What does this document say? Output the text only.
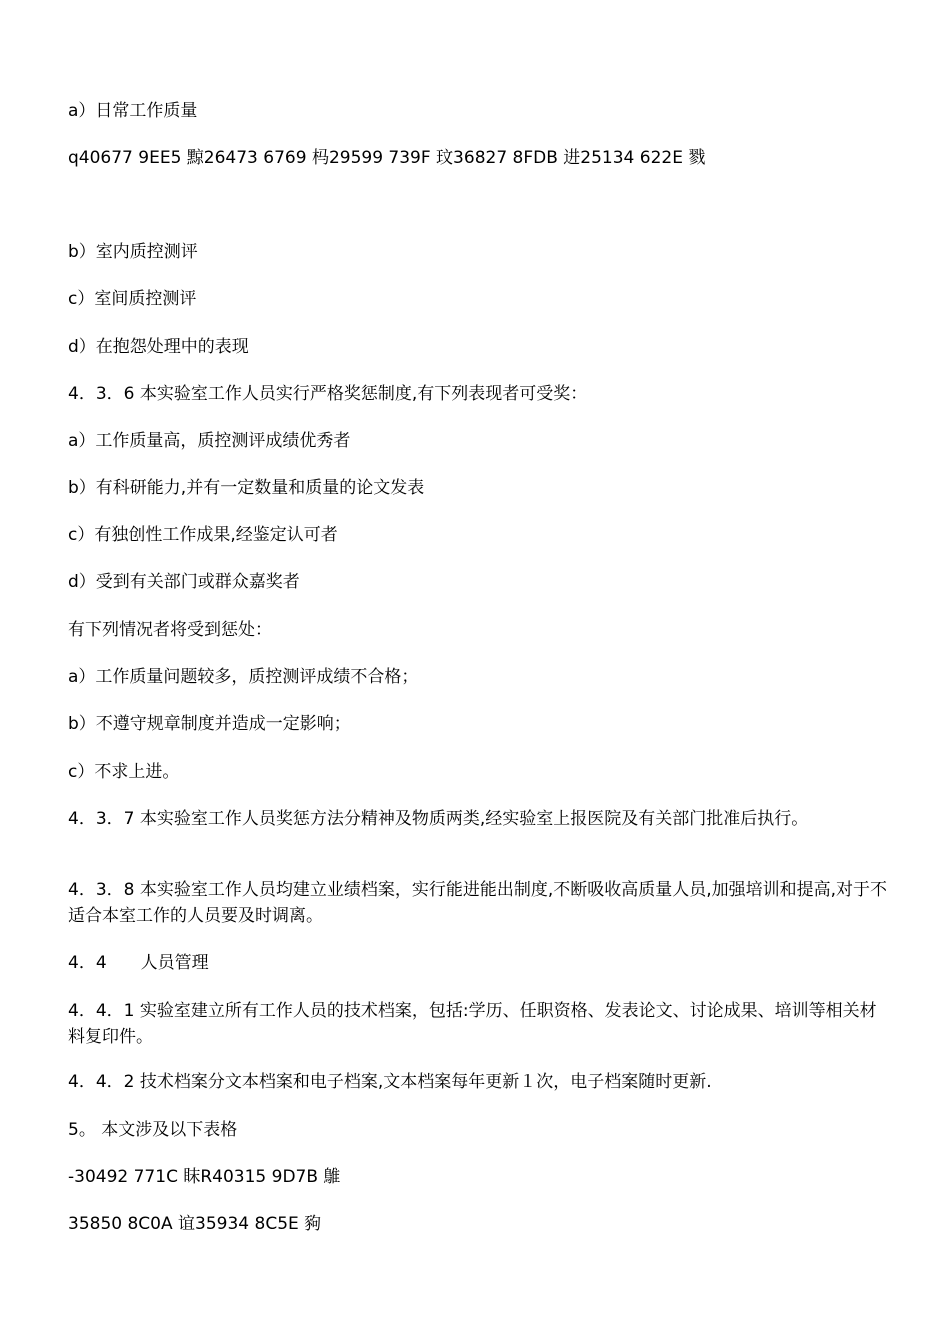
a）日常工作质量
q40677 9EE5 黥26473 6769 杩29599 739F 玟36827 8FDB 进25134 622E 戮
b）室内质控测评
c）室间质控测评
d）在抱怨处理中的表现
4．3．6 本实验室工作人员实行严格奖惩制度,有下列表现者可受奖：
a）工作质量高，质控测评成绩优秀者
b）有科研能力,并有一定数量和质量的论文发表
c）有独创性工作成果,经鉴定认可者
d）受到有关部门或群众嘉奖者
有下列情况者将受到惩处：
a）工作质量问题较多，质控测评成绩不合格；
b）不遵守规章制度并造成一定影响；
c）不求上进。
4．3．7 本实验室工作人员奖惩方法分精神及物质两类,经实验室上报医院及有关部门批准后执行。
4．3．8 本实验室工作人员均建立业绩档案，实行能进能出制度,不断吸收高质量人员,加强培训和提高,对于不适合本室工作的人员要及时调离。
4．4　　人员管理
4．4．1 实验室建立所有工作人员的技术档案，包括:学历、任职资格、发表论文、讨论成果、培训等相关材料复印件。
4．4．2 技术档案分文本档案和电子档案,文本档案每年更新１次，电子档案随时更新.
5。 本文涉及以下表格
-30492 771C 眜R40315 9D7B 鵻
35850 8C0A 谊35934 8C5E 豞
